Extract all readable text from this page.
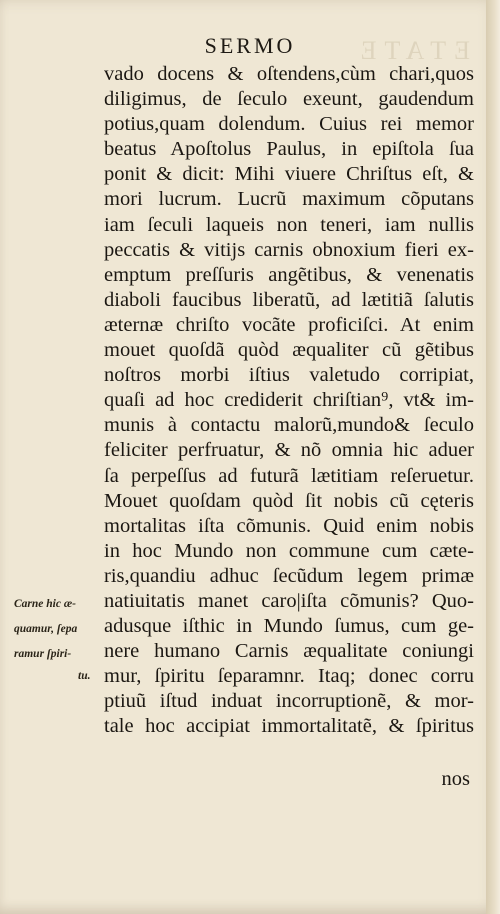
ETATE
SERMO
vado docens & oſtendens,cùm chari,quos
diligimus, de ſeculo exeunt, gaudendum
potius,quam dolendum. Cuius rei memor
beatus Apoſtolus Paulus, in epiſtola ſua
ponit & dicit: Mihi viuere Chriſtus eſt, &
mori lucrum. Lucrũ maximum cõputans
iam ſeculi laqueis non teneri, iam nullis
peccatis & vitijs carnis obnoxium fieri ex-
emptum preſſuris angẽtibus, & venenatis
diaboli faucibus liberatũ, ad lætitiã ſalutis
æternæ chriſto vocãte proficiſci. At enim
mouet quoſdã quòd æqualiter cũ gẽtibus
noſtros morbi iſtius valetudo corripiat,
quaſi ad hoc crediderit chriſtian⁹, vt& im-
munis à contactu malorũ,mundo& ſeculo
feliciter perfruatur, & nõ omnia hic aduer
ſa perpeſſus ad futurã lætitiam reſeruetur.
Mouet quoſdam quòd ſit nobis cũ cęteris
mortalitas iſta cõmunis. Quid enim nobis
in hoc Mundo non commune cum cæte-
ris,quandiu adhuc ſecũdum legem primæ
natiuitatis manet caro|iſta cõmunis? Quo-
adusque iſthic in Mundo ſumus, cum ge-
nere humano Carnis æqualitate coniungi
mur, ſpiritu ſeparamnr. Itaq; donec corru
ptiuũ iſtud induat incorruptionẽ, & mor-
tale hoc accipiat immortalitatẽ, & ſpiritus
Carne hic æ-
quamur, ſepa
ramur ſpiri-
tu.
nos
